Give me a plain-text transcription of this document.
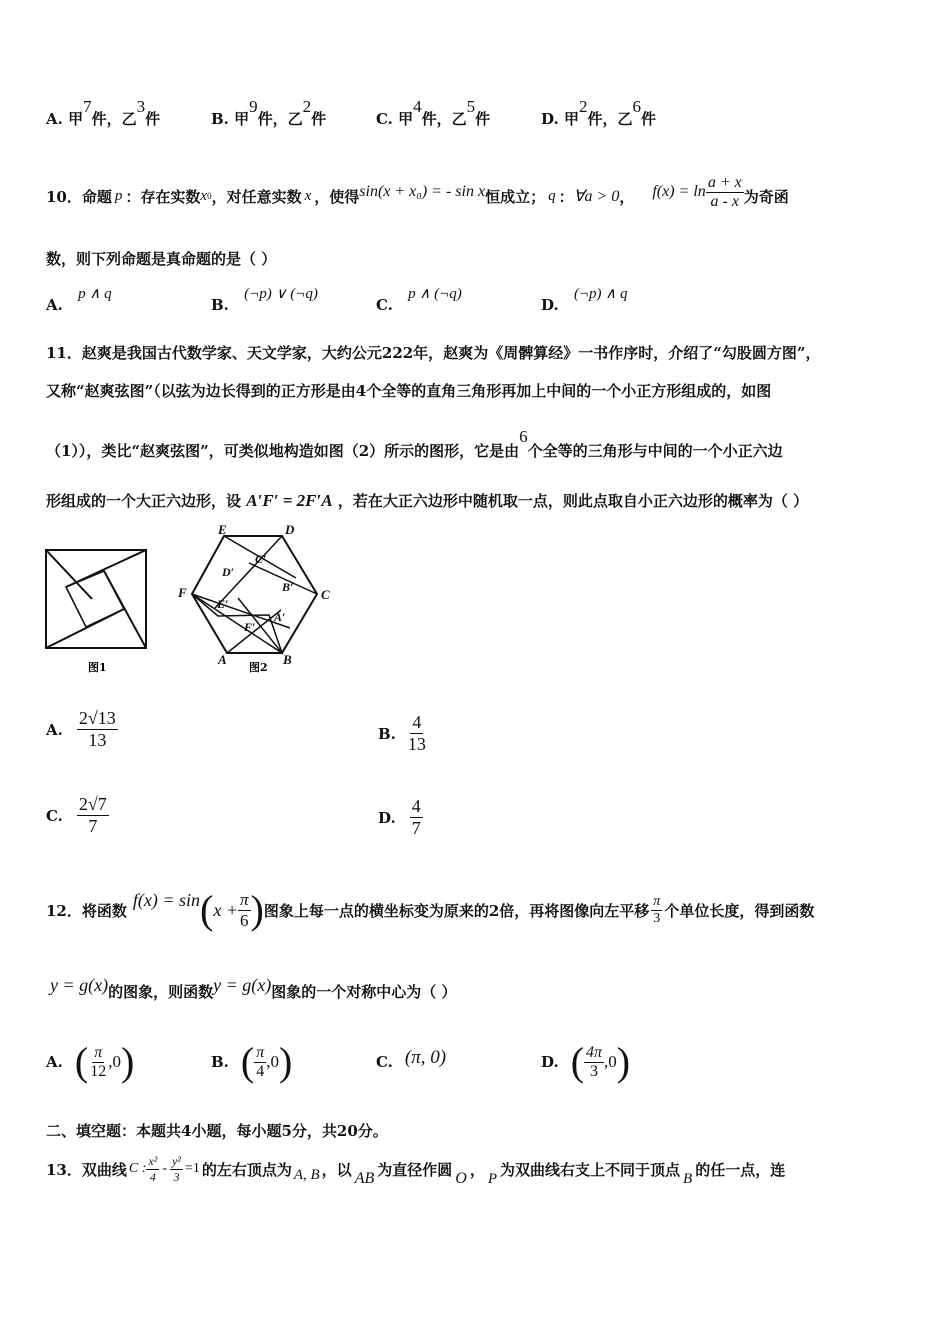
A. 甲7件，乙3件	B. 甲9件，乙2件	C. 甲4件，乙5件	D. 甲2件，乙6件
10．命题 p ：存在实数 x 0 ，对任意实数 x ，使得 sin(x + x₀) = - sin x 恒成立； q ： ∀a > 0 ， $f(x) = \ln \frac{a + x}{a - x}$ 为奇函
数，则下列命题是真命题的是（ ）
A. p ∧ q
B. (¬p) ∨ (¬q)
C. p ∧ (¬q)
D. (¬p) ∧ q
11．赵爽是我国古代数学家、天文学家，大约公元222年，赵爽为《周髀算经》一书作序时，介绍了“勾股圆方图”，
又称“赵爽弦图”（以弦为边长得到的正方形是由4个全等的直角三角形再加上中间的一个小正方形组成的，如图
（1）），类比“赵爽弦图”，可类似地构造如图（2）所示的图形，它是由6个全等的三角形与中间的一个小正六边
形组成的一个大正六边形，设 A′F′ = 2F′A ，若在大正六边形中随机取一点，则此点取自小正六边形的概率为（ ）
图1
A	B
C
D
E
F
A′
B′
C′
D′
E′
F′
图2
A. $\frac{2√13}{13}$	B. $\frac{4}{13}$
C. $\frac{2√7}{7}$	D. $\frac{4}{7}$
12．将函数
f(x) = sin ( $x + \frac{\pi}{6}$ ) 图象上每一点的横坐标变为原来的2倍，再将图像向左平移 $\frac{\pi}{3}$ 个单位长度，得到函数
y = g(x) 的图象，则函数 y = g(x) 图象的一个对称中心为（ ）
A. ( $\frac{\pi}{12} ,0$ )	B. ( $\frac{\pi}{4} ,0$ )	C. (π, 0)	D. ( $\frac{4\pi}{3} ,0$ )
二、填空题：本题共4小题，每小题5分，共20分。
13．双曲线 C : $\frac{\text{x²}}{4} - \frac{\text{y²}}{3} =1$ 的左右顶点为 A, B ，以 AB 为直径作圆 O ， P 为双曲线右支上不同于顶点 B 的任一点，连
